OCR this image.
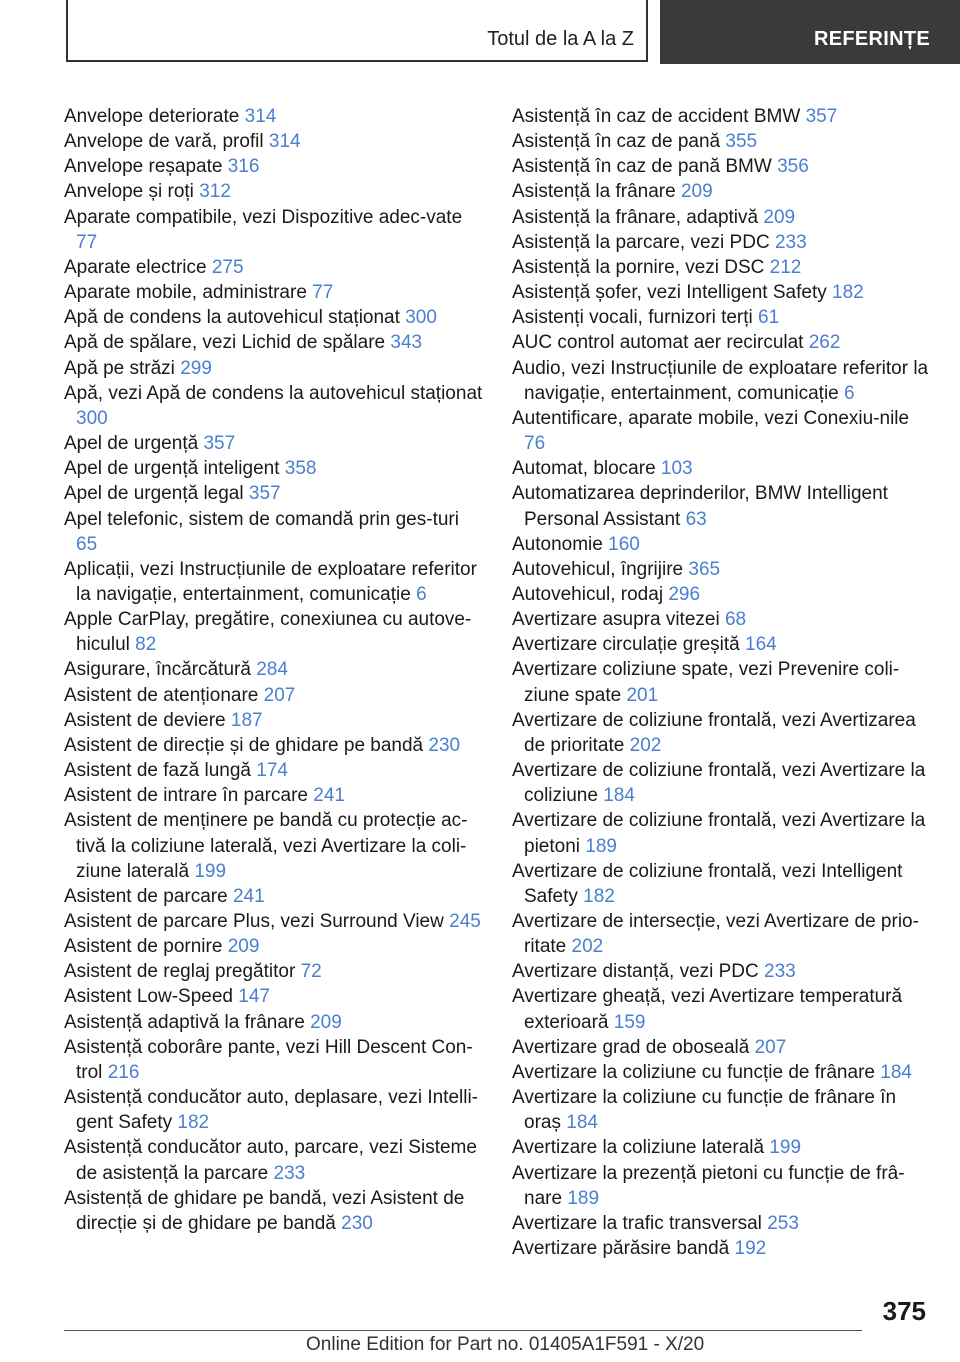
Totul de la A la Z	REFERINȚE
Anvelope deteriorate 314
Anvelope de vară, profil 314
Anvelope reșapate 316
Anvelope și roți 312
Aparate compatibile, vezi Dispozitive adec‐vate 77
Aparate electrice 275
Aparate mobile, administrare 77
Apă de condens la autovehicul staționat 300
Apă de spălare, vezi Lichid de spălare 343
Apă pe străzi 299
Apă, vezi Apă de condens la autovehicul staționat 300
Apel de urgență 357
Apel de urgență inteligent 358
Apel de urgență legal 357
Apel telefonic, sistem de comandă prin ges‐turi 65
Aplicații, vezi Instrucțiunile de exploatare referitor la navigație, entertainment, comunicație 6
Apple CarPlay, pregătire, conexiunea cu autove‐hiculul 82
Asigurare, încărcătură 284
Asistent de atenționare 207
Asistent de deviere 187
Asistent de direcție și de ghidare pe bandă 230
Asistent de fază lungă 174
Asistent de intrare în parcare 241
Asistent de menținere pe bandă cu protecție ac‐tivă la coliziune laterală, vezi Avertizare la coli‐ziune laterală 199
Asistent de parcare 241
Asistent de parcare Plus, vezi Surround View 245
Asistent de pornire 209
Asistent de reglaj pregătitor 72
Asistent Low-Speed 147
Asistență adaptivă la frânare 209
Asistență coborâre pante, vezi Hill Descent Con‐trol 216
Asistență conducător auto, deplasare, vezi Intelli‐gent Safety 182
Asistență conducător auto, parcare, vezi Sisteme de asistență la parcare 233
Asistență de ghidare pe bandă, vezi Asistent de direcție și de ghidare pe bandă 230
Asistență în caz de accident BMW 357
Asistență în caz de pană 355
Asistență în caz de pană BMW 356
Asistență la frânare 209
Asistență la frânare, adaptivă 209
Asistență la parcare, vezi PDC 233
Asistență la pornire, vezi DSC 212
Asistență șofer, vezi Intelligent Safety 182
Asistenți vocali, furnizori terți 61
AUC control automat aer recirculat 262
Audio, vezi Instrucțiunile de exploatare referitor la navigație, entertainment, comunicație 6
Autentificare, aparate mobile, vezi Conexiu‐nile 76
Automat, blocare 103
Automatizarea deprinderilor, BMW Intelligent Personal Assistant 63
Autonomie 160
Autovehicul, îngrijire 365
Autovehicul, rodaj 296
Avertizare asupra vitezei 68
Avertizare circulație greșită 164
Avertizare coliziune spate, vezi Prevenire coli‐ziune spate 201
Avertizare de coliziune frontală, vezi Avertizarea de prioritate 202
Avertizare de coliziune frontală, vezi Avertizare la coliziune 184
Avertizare de coliziune frontală, vezi Avertizare la pietoni 189
Avertizare de coliziune frontală, vezi Intelligent Safety 182
Avertizare de intersecție, vezi Avertizare de prio‐ritate 202
Avertizare distanță, vezi PDC 233
Avertizare gheață, vezi Avertizare temperatură exterioară 159
Avertizare grad de oboseală 207
Avertizare la coliziune cu funcție de frânare 184
Avertizare la coliziune cu funcție de frânare în oraș 184
Avertizare la coliziune laterală 199
Avertizare la prezență pietoni cu funcție de frâ‐nare 189
Avertizare la trafic transversal 253
Avertizare părăsire bandă 192
375
Online Edition for Part no. 01405A1F591 - X/20
